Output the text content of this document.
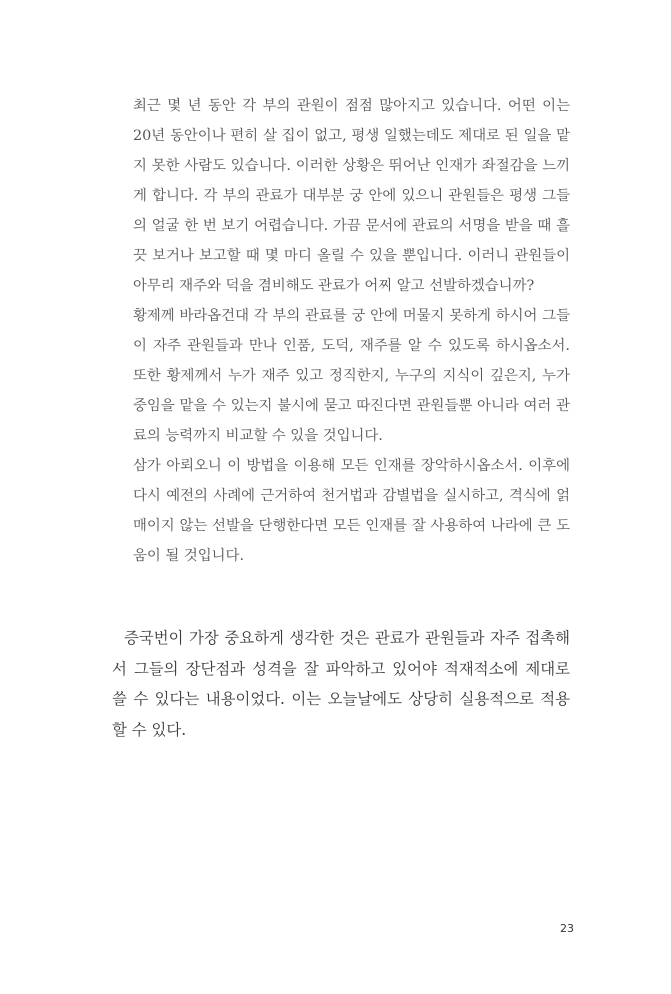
최근 몇 년 동안 각 부의 관원이 점점 많아지고 있습니다. 어떤 이는 20년 동안이나 편히 살 집이 없고, 평생 일했는데도 제대로 된 일을 맡지 못한 사람도 있습니다. 이러한 상황은 뛰어난 인재가 좌절감을 느끼게 합니다. 각 부의 관료가 대부분 궁 안에 있으니 관원들은 평생 그들의 얼굴 한 번 보기 어렵습니다. 가끔 문서에 관료의 서명을 받을 때 흘끗 보거나 보고할 때 몇 마디 올릴 수 있을 뿐입니다. 이러니 관원들이 아무리 재주와 덕을 겸비해도 관료가 어찌 알고 선발하겠습니까?

황제께 바라옵건대 각 부의 관료를 궁 안에 머물지 못하게 하시어 그들이 자주 관원들과 만나 인품, 도덕, 재주를 알 수 있도록 하시옵소서. 또한 황제께서 누가 재주 있고 정직한지, 누구의 지식이 깊은지, 누가 중임을 맡을 수 있는지 불시에 묻고 따진다면 관원들뿐 아니라 여러 관료의 능력까지 비교할 수 있을 것입니다.

삼가 아뢰오니 이 방법을 이용해 모든 인재를 장악하시옵소서. 이후에 다시 예전의 사례에 근거하여 천거법과 감별법을 실시하고, 격식에 얽매이지 않는 선발을 단행한다면 모든 인재를 잘 사용하여 나라에 큰 도움이 될 것입니다.

증국번이 가장 중요하게 생각한 것은 관료가 관원들과 자주 접촉해서 그들의 장단점과 성격을 잘 파악하고 있어야 적재적소에 제대로 쓸 수 있다는 내용이었다. 이는 오늘날에도 상당히 실용적으로 적용할 수 있다.

23
